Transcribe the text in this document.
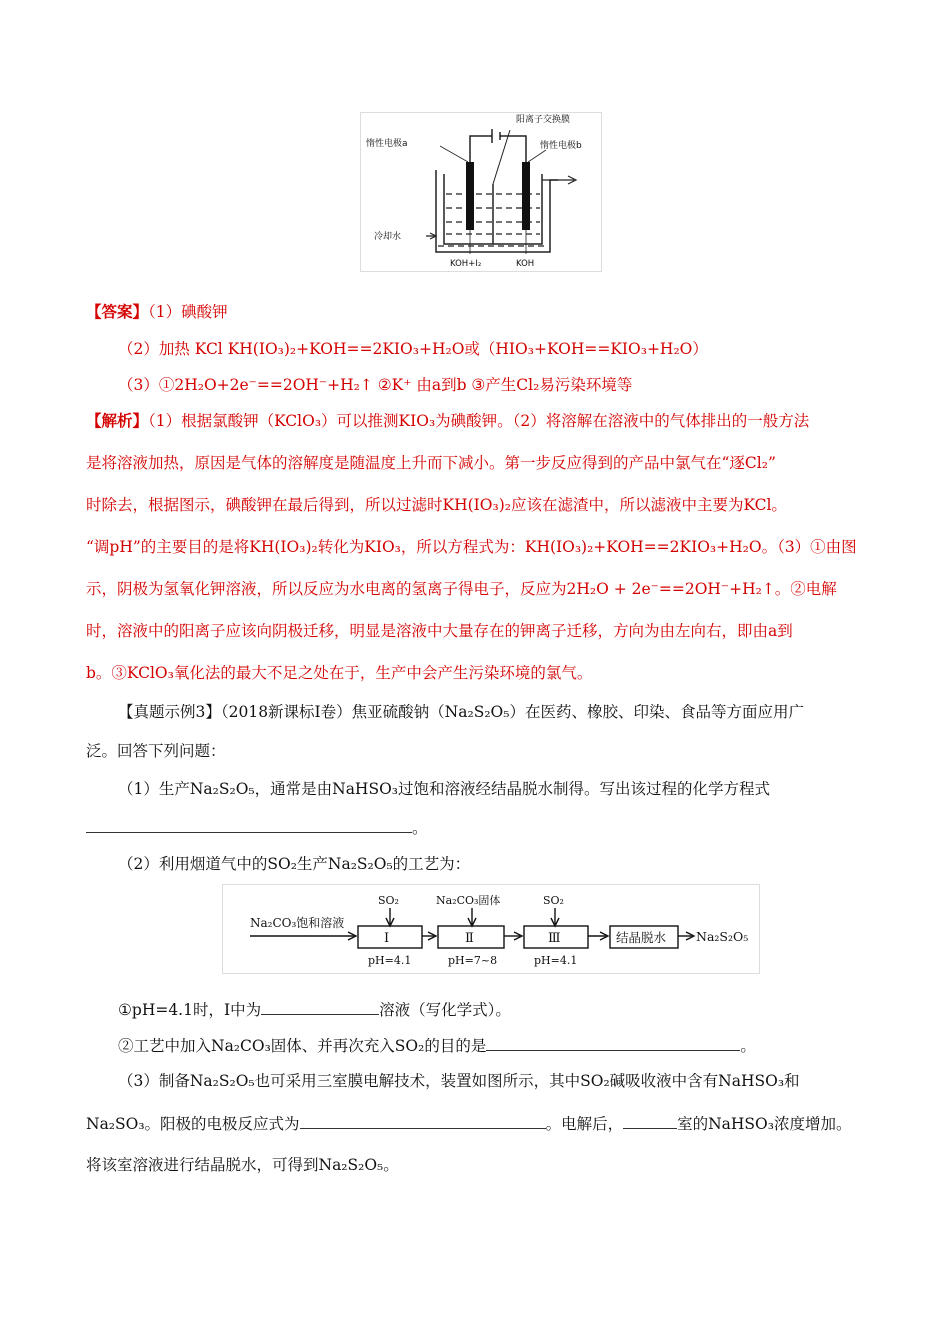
阳离子交换膜
惰性电极a	惰性电极b
冷却水
KOH+I₂	KOH
【答案】（1）碘酸钾
（2）加热 KCl KH(IO₃)₂+KOH==2KIO₃+H₂O或（HIO₃+KOH==KIO₃+H₂O）
（3）①2H₂O+2e⁻==2OH⁻+H₂↑ ②K⁺ 由a到b ③产生Cl₂易污染环境等
【解析】（1）根据氯酸钾（KClO₃）可以推测KIO₃为碘酸钾。（2）将溶解在溶液中的气体排出的一般方法
是将溶液加热，原因是气体的溶解度是随温度上升而下减小。第一步反应得到的产品中氯气在“逐Cl₂”
时除去，根据图示，碘酸钾在最后得到，所以过滤时KH(IO₃)₂应该在滤渣中，所以滤液中主要为KCl。
“调pH”的主要目的是将KH(IO₃)₂转化为KIO₃，所以方程式为：KH(IO₃)₂+KOH==2KIO₃+H₂O。（3）①由图
示，阴极为氢氧化钾溶液，所以反应为水电离的氢离子得电子，反应为2H₂O + 2e⁻==2OH⁻+H₂↑。②电解
时，溶液中的阳离子应该向阴极迁移，明显是溶液中大量存在的钾离子迁移，方向为由左向右，即由a到
b。③KClO₃氧化法的最大不足之处在于，生产中会产生污染环境的氯气。
【真题示例3】（2018新课标Ⅰ卷）焦亚硫酸钠（Na₂S₂O₅）在医药、橡胶、印染、食品等方面应用广
泛。回答下列问题：
（1）生产Na₂S₂O₅，通常是由NaHSO₃过饱和溶液经结晶脱水制得。写出该过程的化学方程式
。
（2）利用烟道气中的SO₂生产Na₂S₂O₅的工艺为：
Na₂CO₃饱和溶液
SO₂	Na₂CO₃固体	SO₂
Ⅰ	Ⅱ	Ⅲ	结晶脱水
pH=4.1	pH=7~8	pH=4.1
Na₂S₂O₅
①pH=4.1时，Ⅰ中为	溶液（写化学式）。
②工艺中加入Na₂CO₃固体、并再次充入SO₂的目的是	。
（3）制备Na₂S₂O₅也可采用三室膜电解技术，装置如图所示，其中SO₂碱吸收液中含有NaHSO₃和
Na₂SO₃。阳极的电极反应式为	。电解后，	室的NaHSO₃浓度增加。
将该室溶液进行结晶脱水，可得到Na₂S₂O₅。
